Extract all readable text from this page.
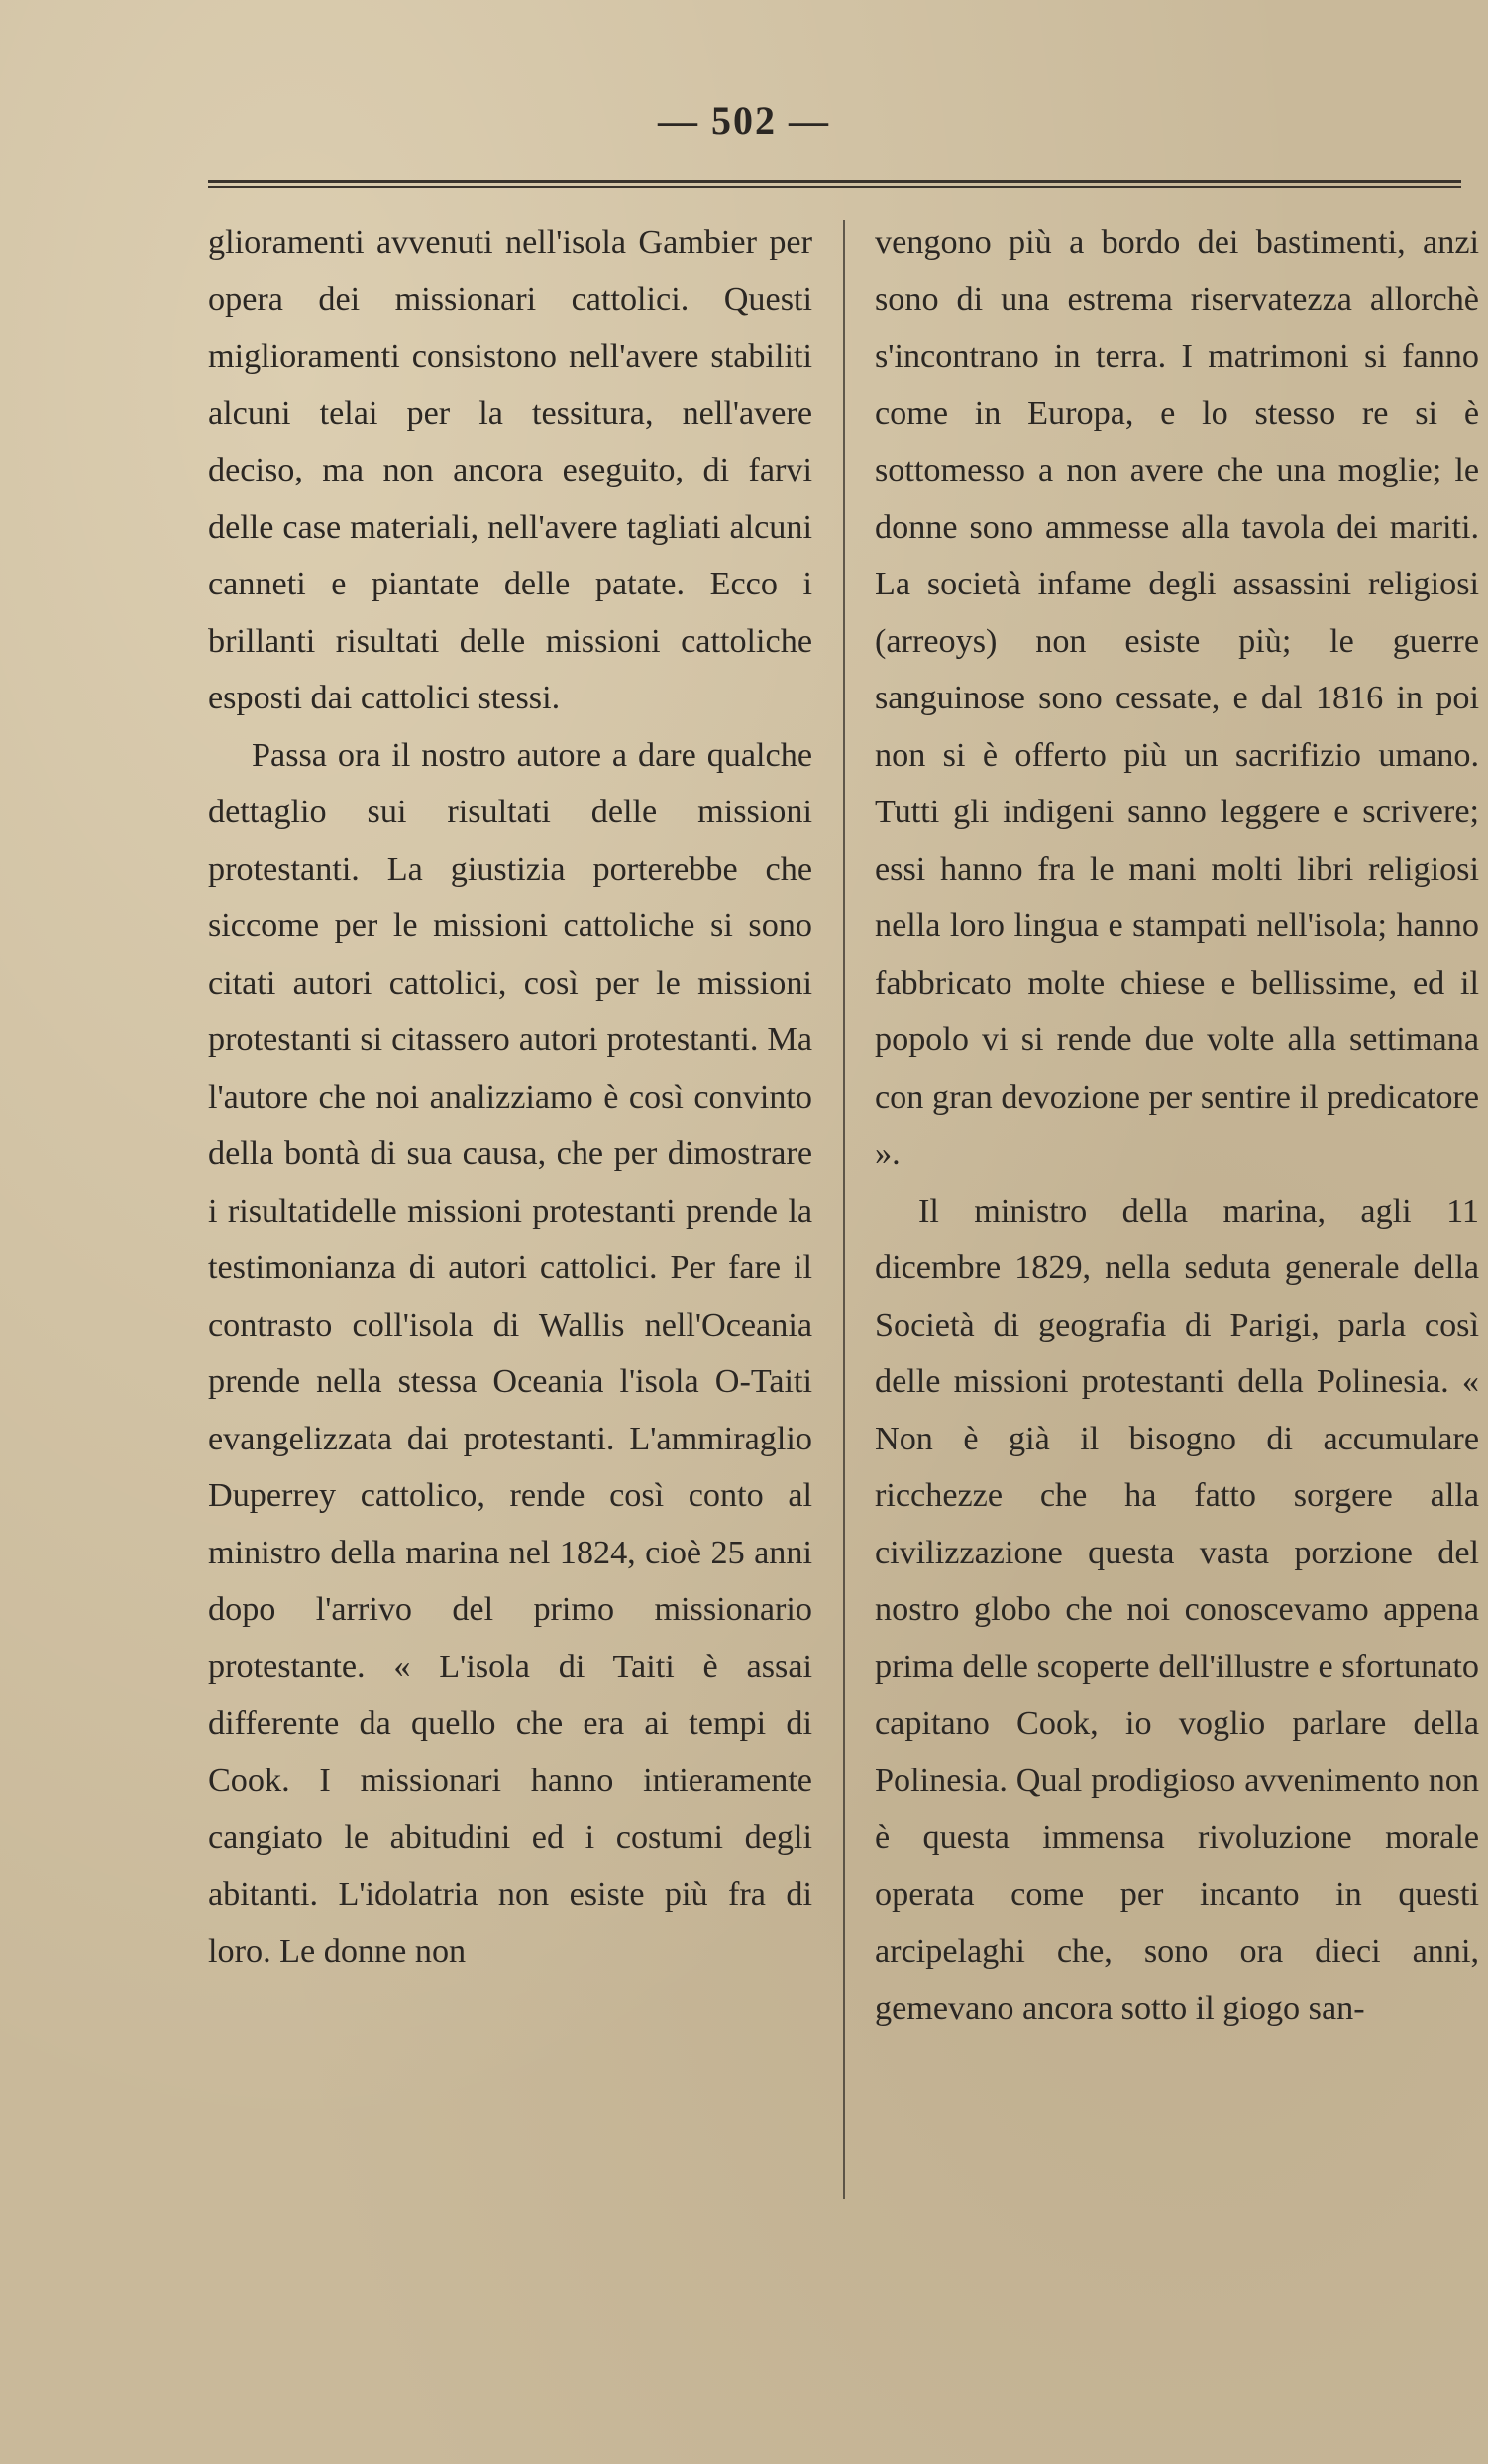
— 502 —

glioramenti avvenuti nell'isola Gambier per opera dei missionari cattolici. Questi miglioramenti consistono nell'avere stabiliti alcuni telai per la tessitura, nell'avere deciso, ma non ancora eseguito, di farvi delle case materiali, nell'avere tagliati alcuni canneti e piantate delle patate. Ecco i brillanti risultati delle missioni cattoliche esposti dai cattolici stessi.

Passa ora il nostro autore a dare qualche dettaglio sui risultati delle missioni protestanti. La giustizia porterebbe che siccome per le missioni cattoliche si sono citati autori cattolici, così per le missioni protestanti si citassero autori protestanti. Ma l'autore che noi analizziamo è così convinto della bontà di sua causa, che per dimostrare i risultatidelle missioni protestanti prende la testimonianza di autori cattolici. Per fare il contrasto coll'isola di Wallis nell'Oceania prende nella stessa Oceania l'isola O-Taiti evangelizzata dai protestanti. L'ammiraglio Duperrey cattolico, rende così conto al ministro della marina nel 1824, cioè 25 anni dopo l'arrivo del primo missionario protestante. « L'isola di Taiti è assai differente da quello che era ai tempi di Cook. I missionari hanno intieramente cangiato le abitudini ed i costumi degli abitanti. L'idolatria non esiste più fra di loro. Le donne non

vengono più a bordo dei bastimenti, anzi sono di una estrema riservatezza allorchè s'incontrano in terra. I matrimoni si fanno come in Europa, e lo stesso re si è sottomesso a non avere che una moglie; le donne sono ammesse alla tavola dei mariti. La società infame degli assassini religiosi (arreoys) non esiste più; le guerre sanguinose sono cessate, e dal 1816 in poi non si è offerto più un sacrifizio umano. Tutti gli indigeni sanno leggere e scrivere; essi hanno fra le mani molti libri religiosi nella loro lingua e stampati nell'isola; hanno fabbricato molte chiese e bellissime, ed il popolo vi si rende due volte alla settimana con gran devozione per sentire il predicatore ».

Il ministro della marina, agli 11 dicembre 1829, nella seduta generale della Società di geografia di Parigi, parla così delle missioni protestanti della Polinesia. « Non è già il bisogno di accumulare ricchezze che ha fatto sorgere alla civilizzazione questa vasta porzione del nostro globo che noi conoscevamo appena prima delle scoperte dell'illustre e sfortunato capitano Cook, io voglio parlare della Polinesia. Qual prodigioso avvenimento non è questa immensa rivoluzione morale operata come per incanto in questi arcipelaghi che, sono ora dieci anni, gemevano ancora sotto il giogo san-
